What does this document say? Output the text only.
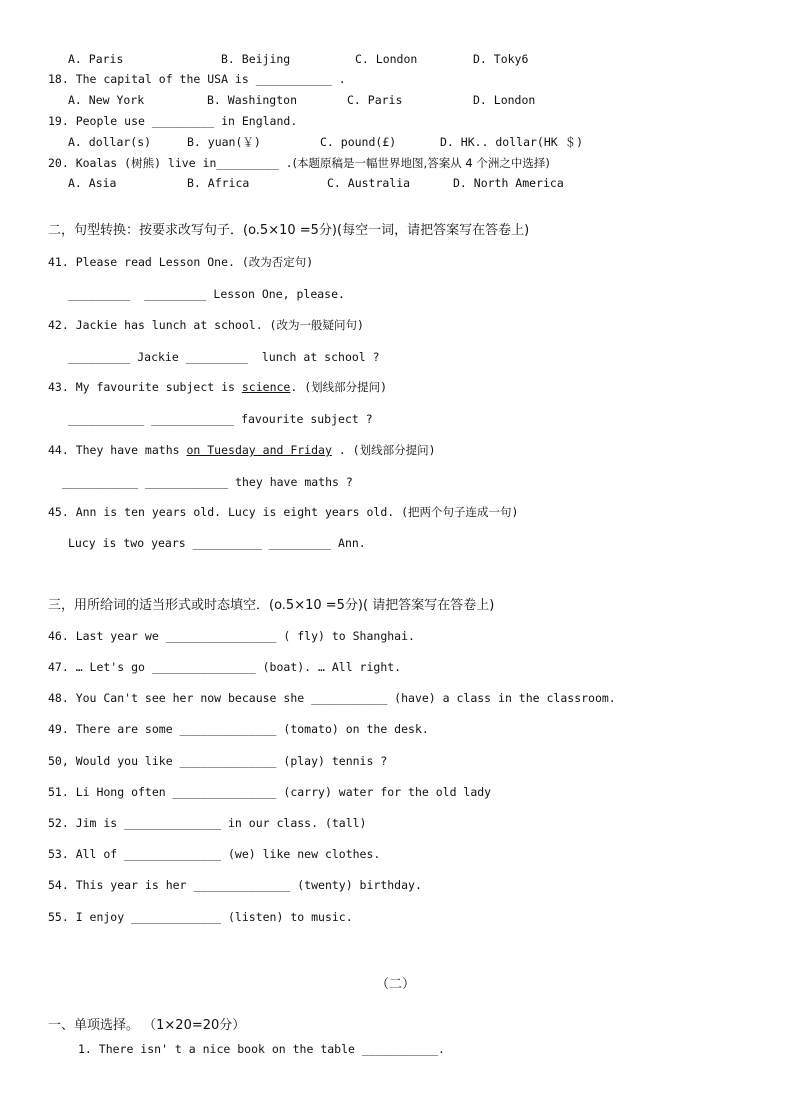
A. Paris	B. Beijing	C. London	D. Toky6
18. The capital of the USA is ___________ .
A. New York	B. Washington	C. Paris	D. London
19. People use _________ in England.
A. dollar(s)	B. yuan(￥)	C. pound(£)	D. HK.. dollar(HK ＄)
20. Koalas (树熊) live in_________ .(本题原稿是一幅世界地图,答案从 4 个洲之中选择)
A. Asia	B. Africa	C. Australia	D. North America
二，句型转换：按要求改写句子．(o.5×10 =5分)(每空一词，请把答案写在答卷上)
41. Please read Lesson One. (改为否定句)
_________  _________ Lesson One, please.
42. Jackie has lunch at school. (改为一般疑问句)
_________ Jackie _________  lunch at school ?
43. My favourite subject is science. (划线部分提问)
___________ ____________ favourite subject ?
44. They have maths on Tuesday and Friday . (划线部分提问)
___________ ____________ they have maths ?
45. Ann is ten years old. Lucy is eight years old. (把两个句子连成一句)
Lucy is two years __________ _________ Ann.
三，用所给词的适当形式或时态填空．(o.5×10 =5分)( 请把答案写在答卷上)
46. Last year we ________________ ( fly) to Shanghai.
47. … Let's go _______________ (boat). … All right.
48. You Can't see her now because she ___________ (have) a class in the classroom.
49. There are some ______________ (tomato) on the desk.
50, Would you like ______________ (play) tennis ?
51. Li Hong often _______________ (carry) water for the old lady
52. Jim is ______________ in our class. (tall)
53. All of ______________ (we) like new clothes.
54. This year is her ______________ (twenty) birthday.
55. I enjoy _____________ (listen) to music.
（二）
一、单项选择。 （1×20=20分）
1. There isn' t a nice book on the table ___________.
